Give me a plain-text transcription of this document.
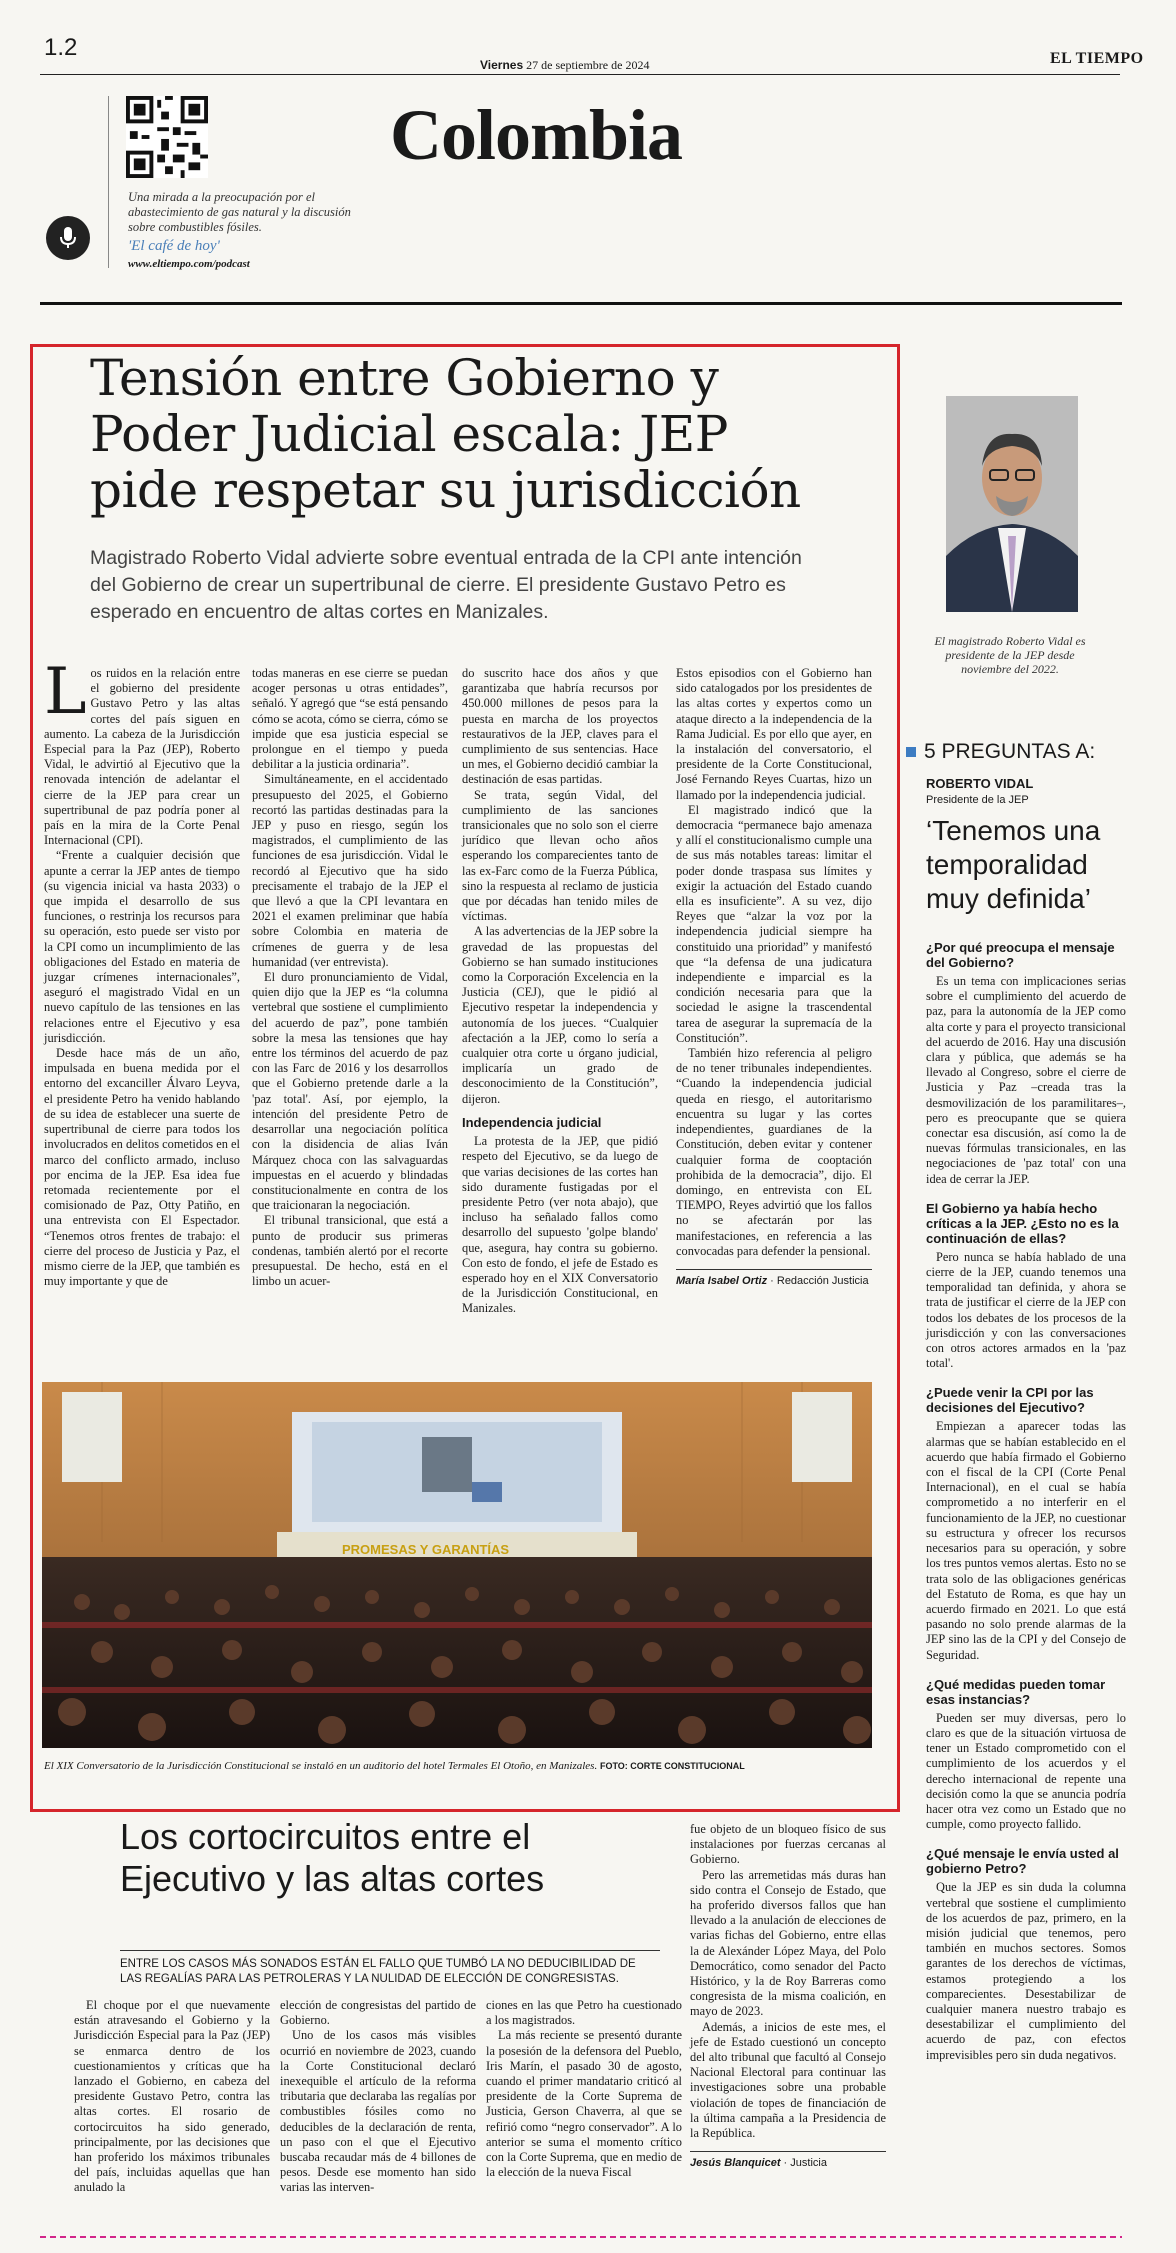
1.2
Viernes 27 de septiembre de 2024	EL TIEMPO
Una mirada a la preocupación por el abastecimiento de gas natural y la discusión sobre combustibles fósiles.
'El café de hoy'
www.eltiempo.com/podcast
Colombia
Tensión entre Gobierno y Poder Judicial escala: JEP pide respetar su jurisdicción
Magistrado Roberto Vidal advierte sobre eventual entrada de la CPI ante intención del Gobierno de crear un supertribunal de cierre. El presidente Gustavo Petro es esperado en encuentro de altas cortes en Manizales.

Los ruidos en la relación entre el gobierno del presidente Gustavo Petro y las altas cortes del país siguen en aumento. La cabeza de la Jurisdicción Especial para la Paz (JEP), Roberto Vidal, le advirtió al Ejecutivo que la renovada intención de adelantar el cierre de la JEP para crear un supertribunal de paz podría poner al país en la mira de la Corte Penal Internacional (CPI).

“Frente a cualquier decisión que apunte a cerrar la JEP antes de tiempo (su vigencia inicial va hasta 2033) o que impida el desarrollo de sus funciones, o restrinja los recursos para su operación, esto puede ser visto por la CPI como un incumplimiento de las obligaciones del Estado en materia de juzgar crímenes internacionales”, aseguró el magistrado Vidal en un nuevo capítulo de las tensiones en las relaciones entre el Ejecutivo y esa jurisdicción.

Desde hace más de un año, impulsada en buena medida por el entorno del excanciller Álvaro Leyva, el presidente Petro ha venido hablando de su idea de establecer una suerte de supertribunal de cierre para todos los involucrados en delitos cometidos en el marco del conflicto armado, incluso por encima de la JEP. Esa idea fue retomada recientemente por el comisionado de Paz, Otty Patiño, en una entrevista con El Espectador. “Tenemos otros frentes de trabajo: el cierre del proceso de Justicia y Paz, el mismo cierre de la JEP, que también es muy importante y que de

todas maneras en ese cierre se puedan acoger personas u otras entidades”, señaló. Y agregó que “se está pensando cómo se acota, cómo se cierra, cómo se impide que esa justicia especial se prolongue en el tiempo y pueda debilitar a la justicia ordinaria”.

Simultáneamente, en el accidentado presupuesto del 2025, el Gobierno recortó las partidas destinadas para la JEP y puso en riesgo, según los magistrados, el cumplimiento de las funciones de esa jurisdicción. Vidal le recordó al Ejecutivo que ha sido precisamente el trabajo de la JEP el que llevó a que la CPI levantara en 2021 el examen preliminar que había sobre Colombia en materia de crímenes de guerra y de lesa humanidad (ver entrevista).

El duro pronunciamiento de Vidal, quien dijo que la JEP es “la columna vertebral que sostiene el cumplimiento del acuerdo de paz”, pone también sobre la mesa las tensiones que hay entre los términos del acuerdo de paz con las Farc de 2016 y los desarrollos que el Gobierno pretende darle a la 'paz total'. Así, por ejemplo, la intención del presidente Petro de desarrollar una negociación política con la disidencia de alias Iván Márquez choca con las salvaguardas impuestas en el acuerdo y blindadas constitucionalmente en contra de los que traicionaran la negociación.

El tribunal transicional, que está a punto de producir sus primeras condenas, también alertó por el recorte presupuestal. De hecho, está en el limbo un acuer-

do suscrito hace dos años y que garantizaba que habría recursos por 450.000 millones de pesos para la puesta en marcha de los proyectos restaurativos de la JEP, claves para el cumplimiento de sus sentencias. Hace un mes, el Gobierno decidió cambiar la destinación de esas partidas.

Se trata, según Vidal, del cumplimiento de las sanciones transicionales que no solo son el cierre jurídico que llevan ocho años esperando los comparecientes tanto de las ex-Farc como de la Fuerza Pública, sino la respuesta al reclamo de justicia que por décadas han tenido miles de víctimas.

A las advertencias de la JEP sobre la gravedad de las propuestas del Gobierno se han sumado instituciones como la Corporación Excelencia en la Justicia (CEJ), que le pidió al Ejecutivo respetar la independencia y autonomía de los jueces. “Cualquier afectación a la JEP, como lo sería a cualquier otra corte u órgano judicial, implicaría un grado de desconocimiento de la Constitución”, dijeron.

Independencia judicial

La protesta de la JEP, que pidió respeto del Ejecutivo, se da luego de que varias decisiones de las cortes han sido duramente fustigadas por el presidente Petro (ver nota abajo), que incluso ha señalado fallos como desarrollo del supuesto 'golpe blando' que, asegura, hay contra su gobierno. Con esto de fondo, el jefe de Estado es esperado hoy en el XIX Conversatorio de la Jurisdicción Constitucional, en Manizales.

Estos episodios con el Gobierno han sido catalogados por los presidentes de las altas cortes y expertos como un ataque directo a la independencia de la Rama Judicial. Es por ello que ayer, en la instalación del conversatorio, el presidente de la Corte Constitucional, José Fernando Reyes Cuartas, hizo un llamado por la independencia judicial.

El magistrado indicó que la democracia “permanece bajo amenaza y allí el constitucionalismo cumple una de sus más notables tareas: limitar el poder donde traspasa sus límites y exigir la actuación del Estado cuando ella es insuficiente”. A su vez, dijo Reyes que “alzar la voz por la independencia judicial siempre ha constituido una prioridad” y manifestó que “la defensa de una judicatura independiente e imparcial es la condición necesaria para que la sociedad le asigne la trascendental tarea de asegurar la supremacía de la Constitución”.

También hizo referencia al peligro de no tener tribunales independientes. “Cuando la independencia judicial queda en riesgo, el autoritarismo encuentra su lugar y las cortes independientes, guardianes de la Constitución, deben evitar y contener cualquier forma de cooptación prohibida de la democracia”, dijo. El domingo, en entrevista con EL TIEMPO, Reyes advirtió que los fallos no se afectarán por las manifestaciones, en referencia a las convocadas para defender la pensional.

María Isabel Ortiz · Redacción Justicia
PROMESAS Y GARANTÍAS
El XIX Conversatorio de la Jurisdicción Constitucional se instaló en un auditorio del hotel Termales El Otoño, en Manizales. FOTO: CORTE CONSTITUCIONAL
El magistrado Roberto Vidal es presidente de la JEP desde noviembre del 2022.
5 PREGUNTAS A:
ROBERTO VIDAL
Presidente de la JEP
‘Tenemos una temporalidad muy definida’
¿Por qué preocupa el mensaje del Gobierno?

Es un tema con implicaciones serias sobre el cumplimiento del acuerdo de paz, para la autonomía de la JEP como alta corte y para el proyecto transicional del acuerdo de 2016. Hay una discusión clara y pública, que además se ha llevado al Congreso, sobre el cierre de Justicia y Paz –creada tras la desmovilización de los paramilitares–, pero es preocupante que se quiera conectar esa discusión, así como la de nuevas fórmulas transicionales, en las negociaciones de 'paz total' con una idea de cerrar la JEP.

El Gobierno ya había hecho críticas a la JEP. ¿Esto no es la continuación de ellas?

Pero nunca se había hablado de una cierre de la JEP, cuando tenemos una temporalidad tan definida, y ahora se trata de justificar el cierre de la JEP con todos los debates de los procesos de la jurisdicción y con las conversaciones con otros actores armados en la 'paz total'.

¿Puede venir la CPI por las decisiones del Ejecutivo?

Empiezan a aparecer todas las alarmas que se habían establecido en el acuerdo que había firmado el Gobierno con el fiscal de la CPI (Corte Penal Internacional), en el cual se había comprometido a no interferir en el funcionamiento de la JEP, no cuestionar su estructura y ofrecer los recursos necesarios para su operación, y sobre los tres puntos vemos alertas. Esto no se trata solo de las obligaciones genéricas del Estatuto de Roma, es que hay un acuerdo firmado en 2021. Lo que está pasando no solo prende alarmas de la JEP sino las de la CPI y del Consejo de Seguridad.

¿Qué medidas pueden tomar esas instancias?

Pueden ser muy diversas, pero lo claro es que de la situación virtuosa de tener un Estado comprometido con el cumplimiento de los acuerdos y el derecho internacional de repente una decisión como la que se anuncia podría hacer otra vez como un Estado que no cumple, como proyecto fallido.

¿Qué mensaje le envía usted al gobierno Petro?

Que la JEP es sin duda la columna vertebral que sostiene el cumplimiento de los acuerdos de paz, primero, en la misión judicial que tenemos, pero también en muchos sectores. Somos garantes de los derechos de víctimas, estamos protegiendo a los comparecientes. Desestabilizar de cualquier manera nuestro trabajo es desestabilizar el cumplimiento del acuerdo de paz, con efectos imprevisibles pero sin duda negativos.

Los cortocircuitos entre el Ejecutivo y las altas cortes
ENTRE LOS CASOS MÁS SONADOS ESTÁN EL FALLO QUE TUMBÓ LA NO DEDUCIBILIDAD DE LAS REGALÍAS PARA LAS PETROLERAS Y LA NULIDAD DE ELECCIÓN DE CONGRESISTAS.

El choque por el que nuevamente están atravesando el Gobierno y la Jurisdicción Especial para la Paz (JEP) se enmarca dentro de los cuestionamientos y críticas que ha lanzado el Gobierno, en cabeza del presidente Gustavo Petro, contra las altas cortes. El rosario de cortocircuitos ha sido generado, principalmente, por las decisiones que han proferido los máximos tribunales del país, incluidas aquellas que han anulado la

elección de congresistas del partido de Gobierno.

Uno de los casos más visibles ocurrió en noviembre de 2023, cuando la Corte Constitucional declaró inexequible el artículo de la reforma tributaria que declaraba las regalías por combustibles fósiles como no deducibles de la declaración de renta, un paso con el que el Ejecutivo buscaba recaudar más de 4 billones de pesos. Desde ese momento han sido varias las interven-

ciones en las que Petro ha cuestionado a los magistrados.

La más reciente se presentó durante la posesión de la defensora del Pueblo, Iris Marín, el pasado 30 de agosto, cuando el primer mandatario criticó al presidente de la Corte Suprema de Justicia, Gerson Chaverra, al que se refirió como “negro conservador”. A lo anterior se suma el momento crítico con la Corte Suprema, que en medio de la elección de la nueva Fiscal

fue objeto de un bloqueo físico de sus instalaciones por fuerzas cercanas al Gobierno.

Pero las arremetidas más duras han sido contra el Consejo de Estado, que ha proferido diversos fallos que han llevado a la anulación de elecciones de varias fichas del Gobierno, entre ellas la de Alexánder López Maya, del Polo Democrático, como senador del Pacto Histórico, y la de Roy Barreras como congresista de la misma coalición, en mayo de 2023.

Además, a inicios de este mes, el jefe de Estado cuestionó un concepto del alto tribunal que facultó al Consejo Nacional Electoral para continuar las investigaciones sobre una probable violación de topes de financiación de la última campaña a la Presidencia de la República.

Jesús Blanquicet · Justicia
